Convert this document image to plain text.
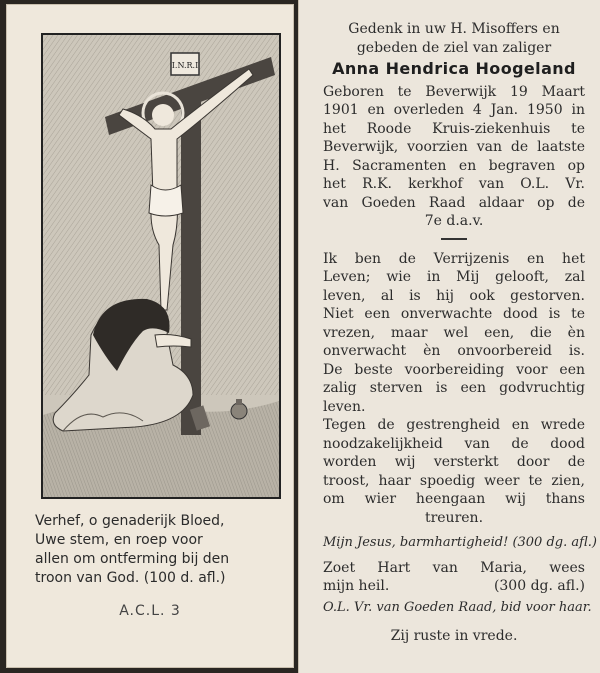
I.N.R.I
Verhef, o genaderijk Bloed,
Uwe stem, en roep voor
allen om ontferming bij den
troon van God. (100 d. afl.)
A.C.L. 3
Gedenk in uw H. Misoffers en
gebeden de ziel van zaliger
Anna Hendrica Hoogeland
Geboren te Beverwijk 19 Maart
1901 en overleden 4 Jan. 1950 in
het Roode Kruis-ziekenhuis te
Beverwijk, voorzien van de laatste
H. Sacramenten en begraven op
het R.K. kerkhof van O.L. Vr.
van Goeden Raad aldaar op de
7e d.a.v.
Ik ben de Verrijzenis en het
Leven; wie in Mij gelooft, zal
leven, al is hij ook gestorven.
Niet een onverwachte dood is te
vrezen, maar wel een, die èn
onverwacht èn onvoorbereid is.
De beste voorbereiding voor een
zalig sterven is een godvruchtig
leven.
Tegen de gestrengheid en wrede
noodzakelijkheid van de dood
worden wij versterkt door de
troost, haar spoedig weer te zien,
om wier heengaan wij thans
treuren.
Mijn Jesus, barmhartigheid! (300 dg. afl.)
Zoet Hart van Maria, wees
mijn heil.	(300 dg. afl.)
O.L. Vr. van Goeden Raad, bid voor haar.
Zij ruste in vrede.
